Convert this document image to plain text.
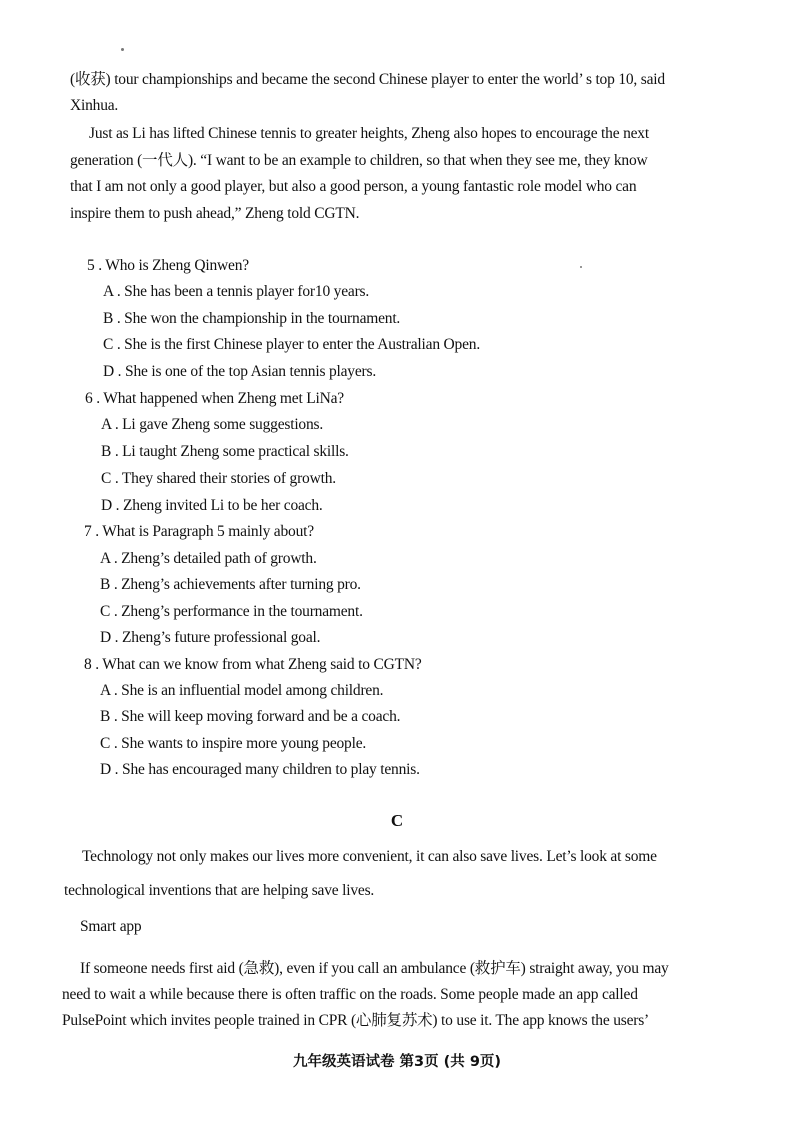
(收获) tour championships and became the second Chinese player to enter the world’ s top 10, said
Xinhua.
Just as Li has lifted Chinese tennis to greater heights, Zheng also hopes to encourage the next
generation (一代人). “I want to be an example to children, so that when they see me, they know
that I am not only a good player, but also a good person, a young fantastic role model who can
inspire them to push ahead,” Zheng told CGTN.
5 . Who is Zheng Qinwen?
A . She has been a tennis player for10 years.
B . She won the championship in the tournament.
C . She is the first Chinese player to enter the Australian Open.
D . She is one of the top Asian tennis players.
6 . What happened when Zheng met LiNa?
A . Li gave Zheng some suggestions.
B . Li taught Zheng some practical skills.
C . They shared their stories of growth.
D . Zheng invited Li to be her coach.
7 . What is Paragraph 5 mainly about?
A . Zheng’s detailed path of growth.
B . Zheng’s achievements after turning pro.
C . Zheng’s performance in the tournament.
D . Zheng’s future professional goal.
8 . What can we know from what Zheng said to CGTN?
A . She is an influential model among children.
B . She will keep moving forward and be a coach.
C . She wants to inspire more young people.
D . She has encouraged many children to play tennis.
C
Technology not only makes our lives more convenient, it can also save lives. Let’s look at some
technological inventions that are helping save lives.
Smart app
If someone needs first aid (急救), even if you call an ambulance (救护车) straight away, you may
need to wait a while because there is often traffic on the roads. Some people made an app called
PulsePoint which invites people trained in CPR (心肺复苏术) to use it. The app knows the users’
九年级英语试卷 第3页 (共 9页)
